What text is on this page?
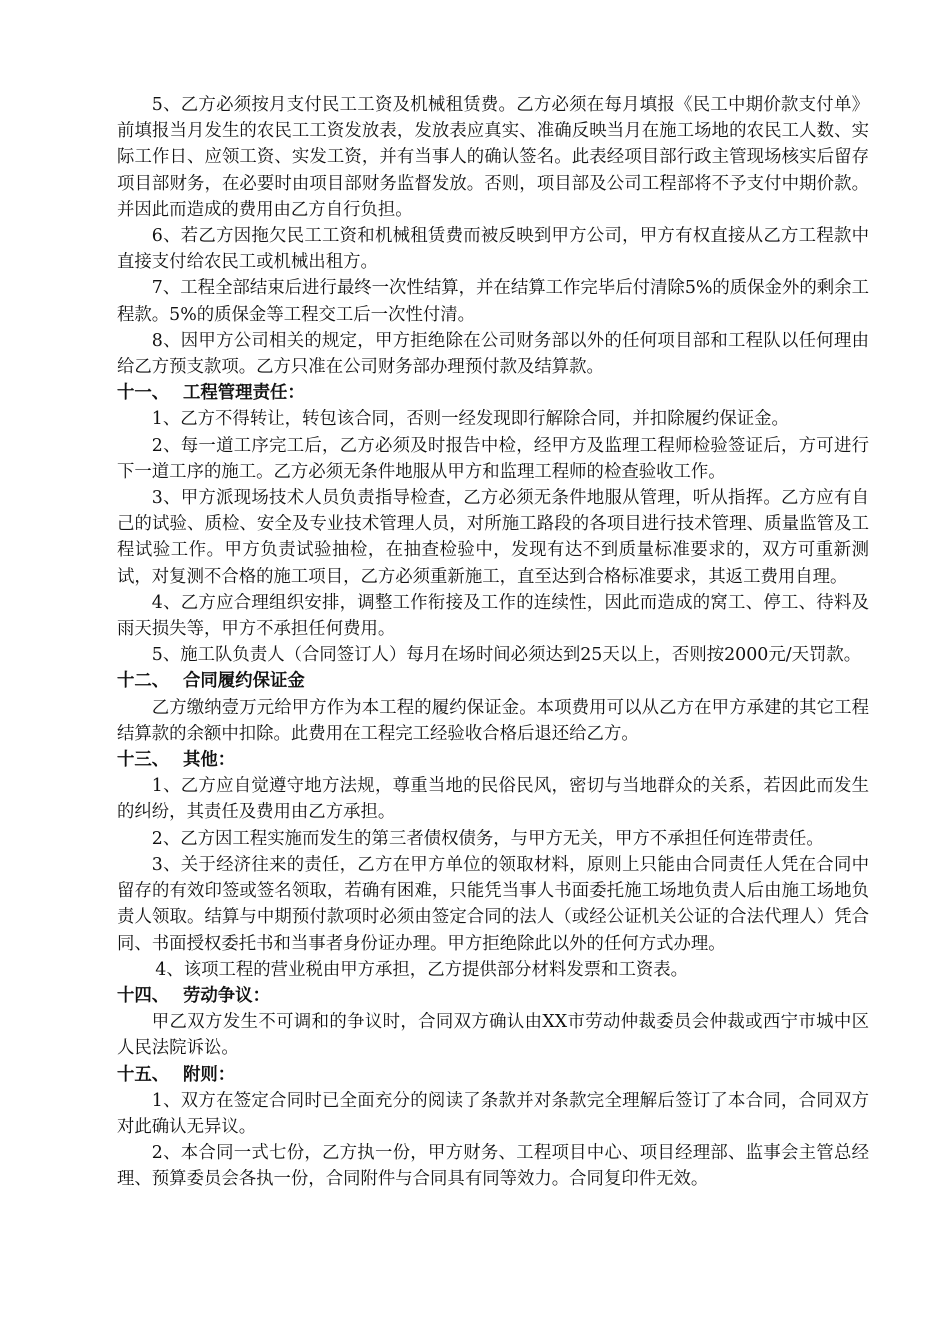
5、乙方必须按月支付民工工资及机械租赁费。乙方必须在每月填报《民工中期价款支付单》前填报当月发生的农民工工资发放表，发放表应真实、准确反映当月在施工场地的农民工人数、实际工作日、应领工资、实发工资，并有当事人的确认签名。此表经项目部行政主管现场核实后留存项目部财务，在必要时由项目部财务监督发放。否则，项目部及公司工程部将不予支付中期价款。并因此而造成的费用由乙方自行负担。

6、若乙方因拖欠民工工资和机械租赁费而被反映到甲方公司，甲方有权直接从乙方工程款中直接支付给农民工或机械出租方。

7、工程全部结束后进行最终一次性结算，并在结算工作完毕后付清除5%的质保金外的剩余工程款。5%的质保金等工程交工后一次性付清。

8、因甲方公司相关的规定，甲方拒绝除在公司财务部以外的任何项目部和工程队以任何理由给乙方预支款项。乙方只准在公司财务部办理预付款及结算款。

十一、 工程管理责任：

1、乙方不得转让，转包该合同，否则一经发现即行解除合同，并扣除履约保证金。

2、每一道工序完工后，乙方必须及时报告中检，经甲方及监理工程师检验签证后，方可进行下一道工序的施工。乙方必须无条件地服从甲方和监理工程师的检查验收工作。

3、甲方派现场技术人员负责指导检查，乙方必须无条件地服从管理，听从指挥。乙方应有自己的试验、质检、安全及专业技术管理人员，对所施工路段的各项目进行技术管理、质量监管及工程试验工作。甲方负责试验抽检，在抽查检验中，发现有达不到质量标准要求的，双方可重新测试，对复测不合格的施工项目，乙方必须重新施工，直至达到合格标准要求，其返工费用自理。

4、乙方应合理组织安排，调整工作衔接及工作的连续性，因此而造成的窝工、停工、待料及雨天损失等，甲方不承担任何费用。

5、施工队负责人（合同签订人）每月在场时间必须达到25天以上，否则按2000元/天罚款。

十二、 合同履约保证金

乙方缴纳壹万元给甲方作为本工程的履约保证金。本项费用可以从乙方在甲方承建的其它工程结算款的余额中扣除。此费用在工程完工经验收合格后退还给乙方。

十三、 其他：

1、乙方应自觉遵守地方法规，尊重当地的民俗民风，密切与当地群众的关系，若因此而发生的纠纷，其责任及费用由乙方承担。

2、乙方因工程实施而发生的第三者债权债务，与甲方无关，甲方不承担任何连带责任。

3、关于经济往来的责任，乙方在甲方单位的领取材料，原则上只能由合同责任人凭在合同中留存的有效印签或签名领取，若确有困难，只能凭当事人书面委托施工场地负责人后由施工场地负责人领取。结算与中期预付款项时必须由签定合同的法人（或经公证机关公证的合法代理人）凭合同、书面授权委托书和当事者身份证办理。甲方拒绝除此以外的任何方式办理。

4、该项工程的营业税由甲方承担，乙方提供部分材料发票和工资表。

十四、 劳动争议：

甲乙双方发生不可调和的争议时，合同双方确认由XX市劳动仲裁委员会仲裁或西宁市城中区人民法院诉讼。

十五、 附则：

1、双方在签定合同时已全面充分的阅读了条款并对条款完全理解后签订了本合同，合同双方对此确认无异议。

2、本合同一式七份，乙方执一份，甲方财务、工程项目中心、项目经理部、监事会主管总经理、预算委员会各执一份，合同附件与合同具有同等效力。合同复印件无效。
